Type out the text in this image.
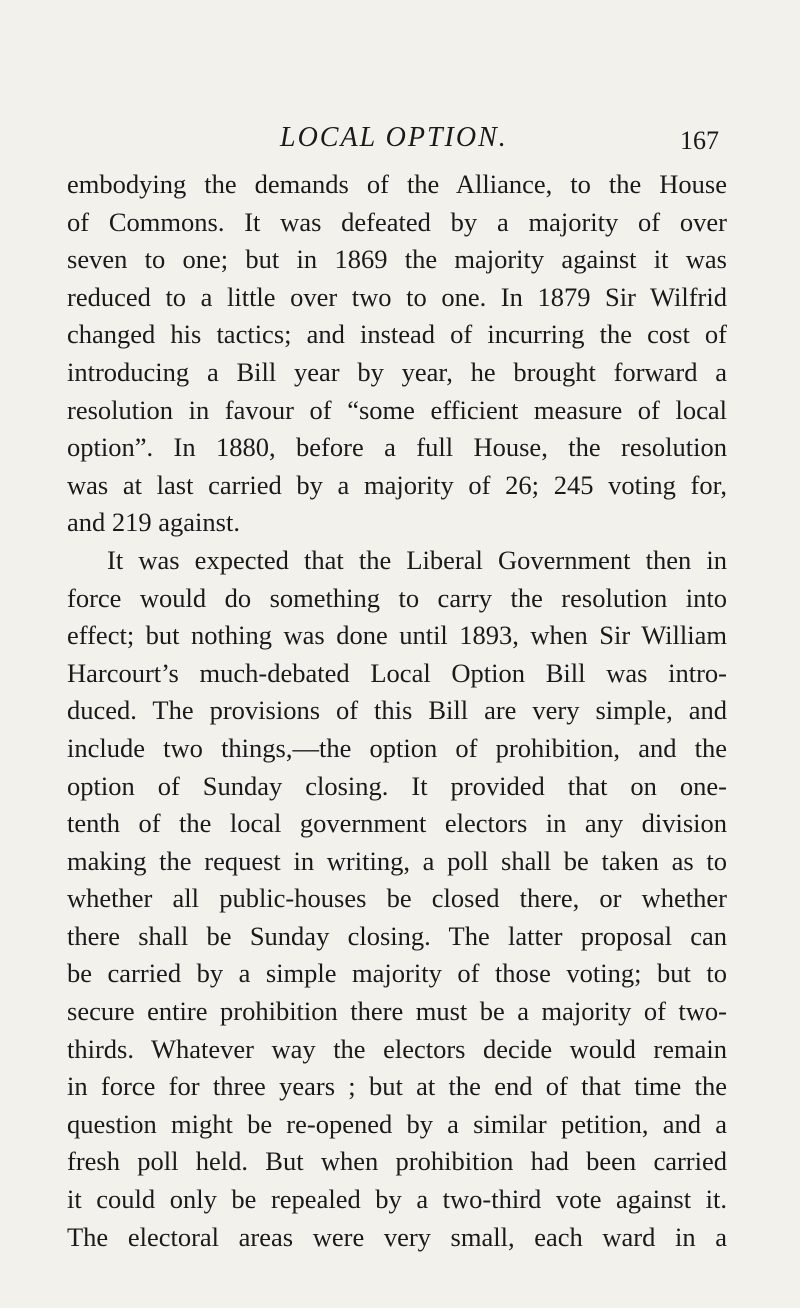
LOCAL OPTION.	167
embodying the demands of the Alliance, to the House
of Commons. It was defeated by a majority of over
seven to one; but in 1869 the majority against it was
reduced to a little over two to one. In 1879 Sir Wilfrid
changed his tactics; and instead of incurring the cost of
introducing a Bill year by year, he brought forward a
resolution in favour of “some efficient measure of local
option”. In 1880, before a full House, the resolution
was at last carried by a majority of 26; 245 voting for,
and 219 against.
It was expected that the Liberal Government then in
force would do something to carry the resolution into
effect; but nothing was done until 1893, when Sir William
Harcourt’s much-debated Local Option Bill was intro-
duced. The provisions of this Bill are very simple, and
include two things,—the option of prohibition, and the
option of Sunday closing. It provided that on one-
tenth of the local government electors in any division
making the request in writing, a poll shall be taken as to
whether all public-houses be closed there, or whether
there shall be Sunday closing. The latter proposal can
be carried by a simple majority of those voting; but to
secure entire prohibition there must be a majority of two-
thirds. Whatever way the electors decide would remain
in force for three years ; but at the end of that time the
question might be re-opened by a similar petition, and a
fresh poll held. But when prohibition had been carried
it could only be repealed by a two-third vote against it.
The electoral areas were very small, each ward in a
